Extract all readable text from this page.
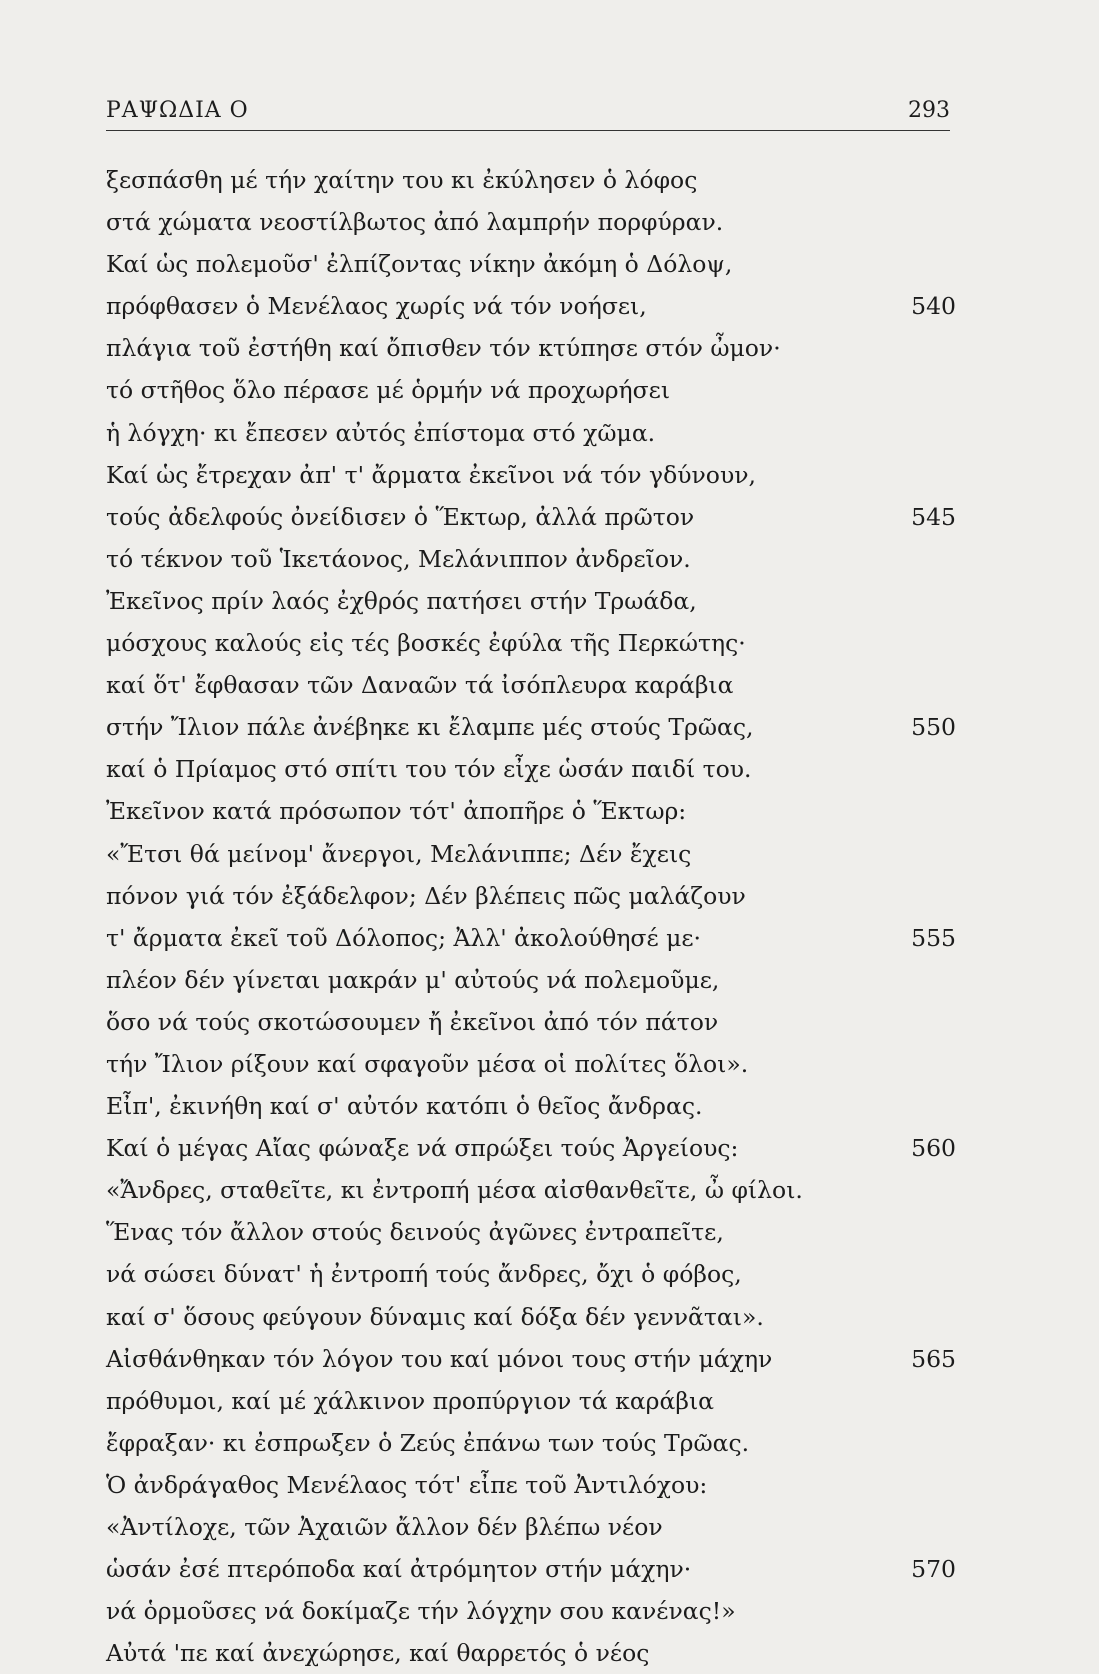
ΡΑΨΩΔΙΑ Ο	293
ξεσπάσθη μέ τήν χαίτην του κι ἐκύλησεν ὁ λόφος
στά χώματα νεοστίλβωτος ἀπό λαμπρήν πορφύραν.
Καί ὡς πολεμοῦσ' ἐλπίζοντας νίκην ἀκόμη ὁ Δόλοψ,
πρόφθασεν ὁ Μενέλαος χωρίς νά τόν νοήσει,	540
πλάγια τοῦ ἐστήθη καί ὄπισθεν τόν κτύπησε στόν ὦμον·
τό στῆθος ὅλο πέρασε μέ ὁρμήν νά προχωρήσει
ἡ λόγχη· κι ἔπεσεν αὐτός ἐπίστομα στό χῶμα.
Καί ὡς ἔτρεχαν ἀπ' τ' ἄρματα ἐκεῖνοι νά τόν γδύνουν,
τούς ἀδελφούς ὀνείδισεν ὁ Ἕκτωρ, ἀλλά πρῶτον	545
τό τέκνον τοῦ Ἱκετάονος, Μελάνιππον ἀνδρεῖον.
Ἐκεῖνος πρίν λαός ἐχθρός πατήσει στήν Τρωάδα,
μόσχους καλούς εἰς τές βοσκές ἐφύλα τῆς Περκώτης·
καί ὅτ' ἔφθασαν τῶν Δαναῶν τά ἰσόπλευρα καράβια
στήν Ἴλιον πάλε ἀνέβηκε κι ἔλαμπε μές στούς Τρῶας,	550
καί ὁ Πρίαμος στό σπίτι του τόν εἶχε ὡσάν παιδί του.
Ἐκεῖνον κατά πρόσωπον τότ' ἀποπῆρε ὁ Ἕκτωρ:
«Ἔτσι θά μείνομ' ἄνεργοι, Μελάνιππε; Δέν ἔχεις
πόνον γιά τόν ἐξάδελφον; Δέν βλέπεις πῶς μαλάζουν
τ' ἄρματα ἐκεῖ τοῦ Δόλοπος; Ἀλλ' ἀκολούθησέ με·	555
πλέον δέν γίνεται μακράν μ' αὐτούς νά πολεμοῦμε,
ὅσο νά τούς σκοτώσουμεν ἤ ἐκεῖνοι ἀπό τόν πάτον
τήν Ἴλιον ρίξουν καί σφαγοῦν μέσα οἱ πολίτες ὅλοι».
Εἶπ', ἐκινήθη καί σ' αὐτόν κατόπι ὁ θεῖος ἄνδρας.
Καί ὁ μέγας Αἴας φώναξε νά σπρώξει τούς Ἀργείους:	560
«Ἄνδρες, σταθεῖτε, κι ἐντροπή μέσα αἰσθανθεῖτε, ὦ φίλοι.
Ἕνας τόν ἄλλον στούς δεινούς ἀγῶνες ἐντραπεῖτε,
νά σώσει δύνατ' ἡ ἐντροπή τούς ἄνδρες, ὄχι ὁ φόβος,
καί σ' ὅσους φεύγουν δύναμις καί δόξα δέν γεννᾶται».
Αἰσθάνθηκαν τόν λόγον του καί μόνοι τους στήν μάχην	565
πρόθυμοι, καί μέ χάλκινον προπύργιον τά καράβια
ἔφραξαν· κι ἐσπρωξεν ὁ Ζεύς ἐπάνω των τούς Τρῶας.
Ὁ ἀνδράγαθος Μενέλαος τότ' εἶπε τοῦ Ἀντιλόχου:
«Ἀντίλοχε, τῶν Ἀχαιῶν ἄλλον δέν βλέπω νέον
ὡσάν ἐσέ πτερόποδα καί ἀτρόμητον στήν μάχην·	570
νά ὁρμοῦσες νά δοκίμαζε τήν λόγχην σου κανένας!»
Αὐτά 'πε καί ἀνεχώρησε, καί θαρρετός ὁ νέος
